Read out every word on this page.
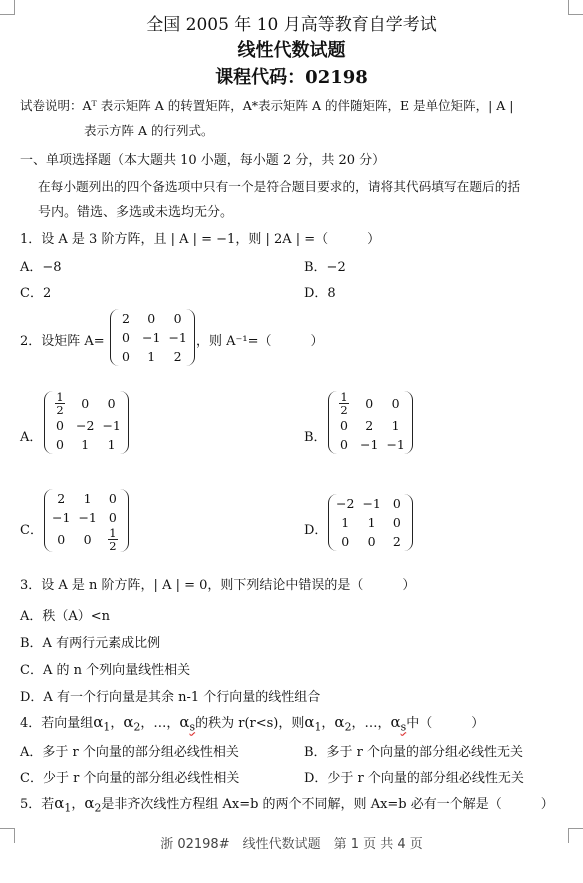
全国 2005 年 10 月高等教育自学考试
线性代数试题
课程代码：02198
试卷说明：Aᵀ 表示矩阵 A 的转置矩阵，A*表示矩阵 A 的伴随矩阵，E 是单位矩阵，| A |
表示方阵 A 的行列式。
一、单项选择题（本大题共 10 小题，每小题 2 分，共 20 分）
在每小题列出的四个备选项中只有一个是符合题目要求的，请将其代码填写在题后的括
号内。错选、多选或未选均无分。
1．设 A 是 3 阶方阵，且 | A | = −1，则 | 2A | =（　　　）
A．−8	B．−2
C．2	D．8
2．设矩阵 A=
2	0	0
0	−1	−1
0	1	2
，则 A⁻¹=（　　　）
A．
$\frac{1}{2}$	0	0
0	−2	−1
0	1	1	B．
$\frac{1}{2}$	0	0
0	2	1
0	−1	−1
C．
2	1	0
−1	−1	0
0	0	$\frac{1}{2}$	D．
−2	−1	0
1	1	0
0	0	2
3．设 A 是 n 阶方阵，| A | = 0，则下列结论中错误的是（　　　）
A．秩（A）<n
B．A 有两行元素成比例
C．A 的 n 个列向量线性相关
D．A 有一个行向量是其余 n-1 个行向量的线性组合
4．若向量组$\alpha_1$，$\alpha_2$，…，$\alpha_s$的秩为 r(r<s)，则$\alpha_1$，$\alpha_2$，…，$\alpha_s$中（　　　）
A．多于 r 个向量的部分组必线性相关	B．多于 r 个向量的部分组必线性无关
C．少于 r 个向量的部分组必线性相关	D．少于 r 个向量的部分组必线性无关
5．若$\alpha_1$，$\alpha_2$是非齐次线性方程组 Ax=b 的两个不同解，则 Ax=b 必有一个解是（　　　）
浙 02198#　线性代数试题　第 1 页 共 4 页
